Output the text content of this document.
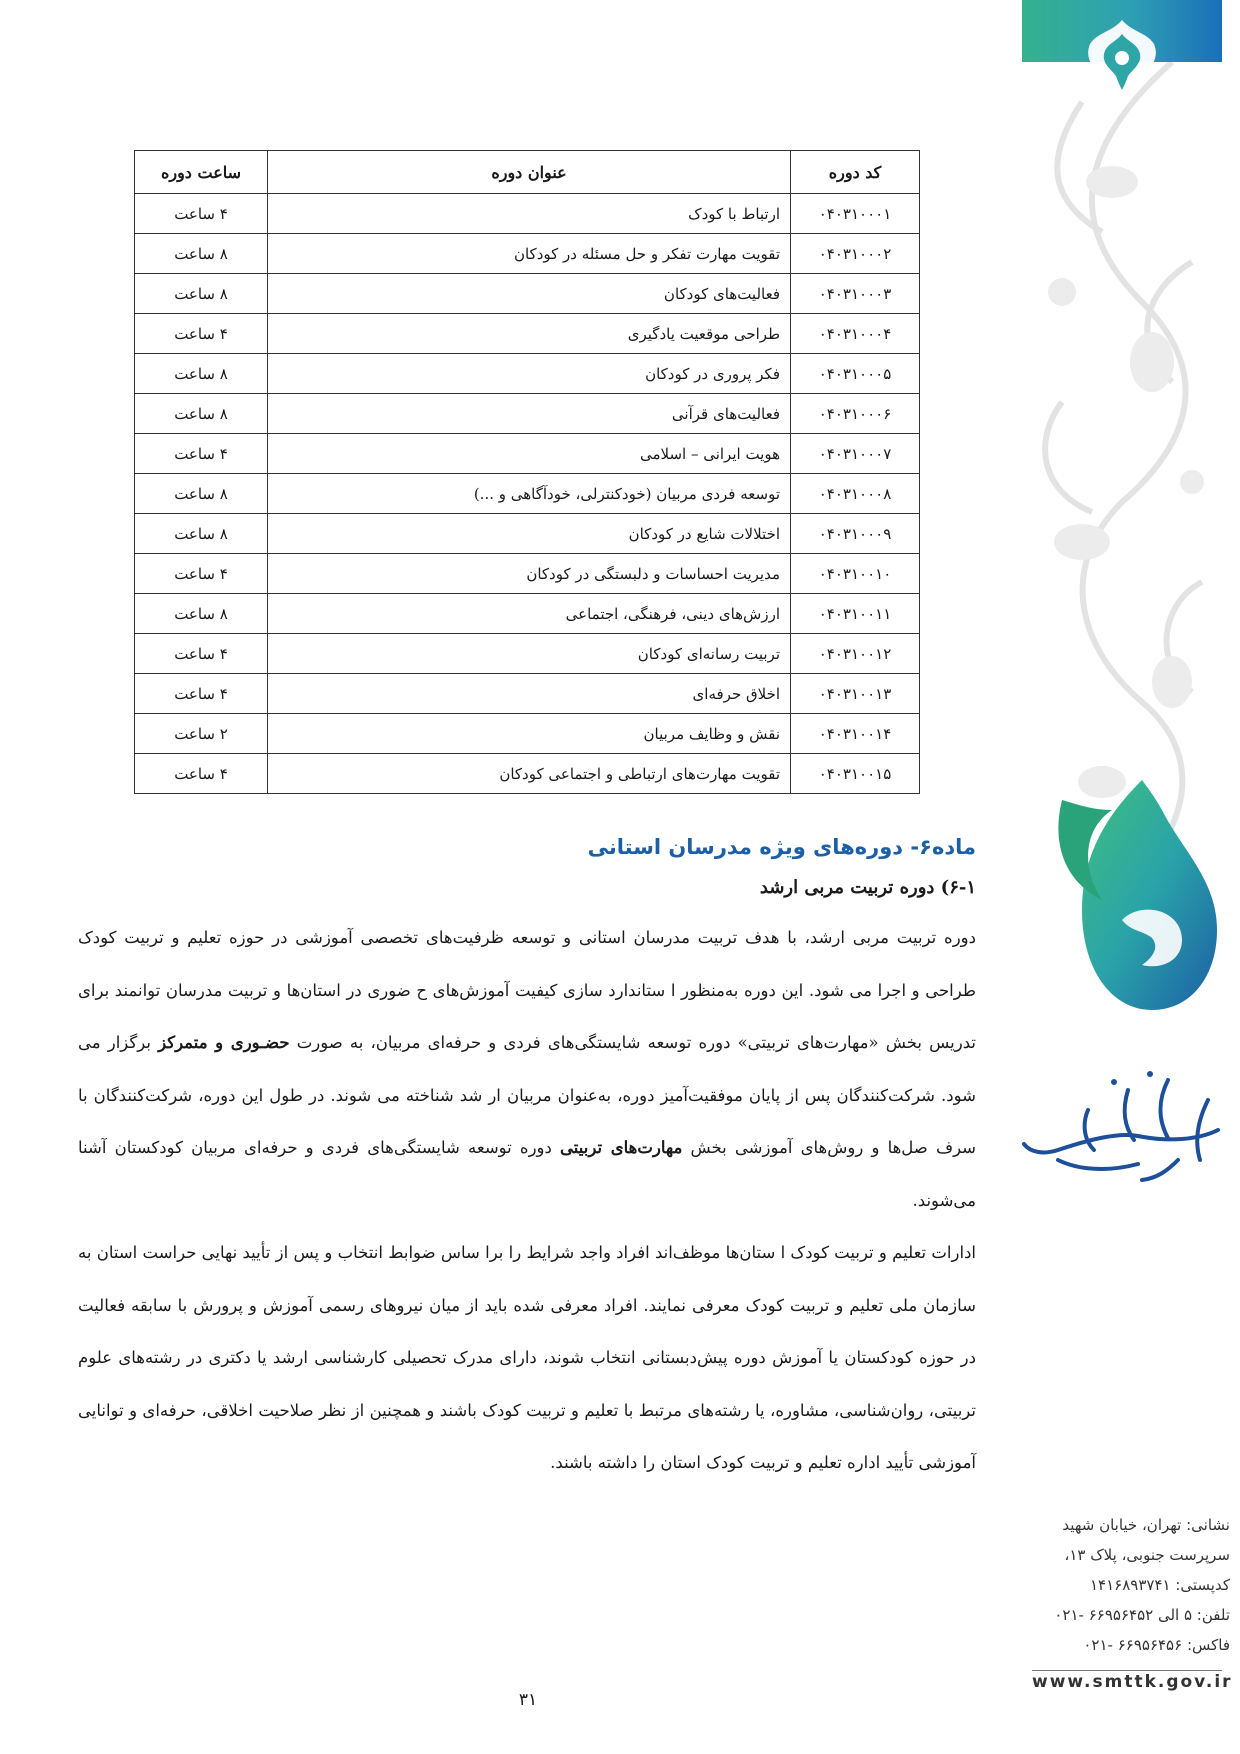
نشانی: تهران، خیابان شهید
سرپرست جنوبی، پلاک ۱۳،
کدپستی: ۱۴۱۶۸۹۳۷۴۱
تلفن: ۵ الی ۶۶۹۵۶۴۵۲ -۰۲۱
فاکس: ۶۶۹۵۶۴۵۶ -۰۲۱
www.smttk.gov.ir
کد دوره	عنوان دوره	ساعت دوره
۰۴۰۳۱۰۰۰۱	ارتباط با کودک	۴ ساعت
۰۴۰۳۱۰۰۰۲	تقویت مهارت تفکر و حل مسئله در کودکان	۸ ساعت
۰۴۰۳۱۰۰۰۳	فعالیت‌های کودکان	۸ ساعت
۰۴۰۳۱۰۰۰۴	طراحی موقعیت یادگیری	۴ ساعت
۰۴۰۳۱۰۰۰۵	فکر پروری در کودکان	۸ ساعت
۰۴۰۳۱۰۰۰۶	فعالیت‌های قرآنی	۸ ساعت
۰۴۰۳۱۰۰۰۷	هویت ایرانی – اسلامی	۴ ساعت
۰۴۰۳۱۰۰۰۸	توسعه فردی مربیان (خودکنترلی، خودآگاهی و ...)	۸ ساعت
۰۴۰۳۱۰۰۰۹	اختلالات شایع در کودکان	۸ ساعت
۰۴۰۳۱۰۰۱۰	مدیریت احساسات و دلبستگی در کودکان	۴ ساعت
۰۴۰۳۱۰۰۱۱	ارزش‌های دینی، فرهنگی، اجتماعی	۸ ساعت
۰۴۰۳۱۰۰۱۲	تربیت رسانه‌ای کودکان	۴ ساعت
۰۴۰۳۱۰۰۱۳	اخلاق حرفه‌ای	۴ ساعت
۰۴۰۳۱۰۰۱۴	نقش و وظایف مربیان	۲ ساعت
۰۴۰۳۱۰۰۱۵	تقویت مهارت‌های ارتباطی و اجتماعی کودکان	۴ ساعت
ماده۶- دوره‌های ویژه مدرسان استانی
۶-۱) دوره تربیت مربی ارشد

دوره تربیت مربی ارشد، با هدف تربیت مدرسان استانی و توسعه ظرفیت‌های تخصصی آموزشی در حوزه تعلیم و تربیت کودک طراحی و اجرا می شود. این دوره به‌منظور ا ستاندارد سازی کیفیت آموزش‌های ح ضوری در استان‌ها و تربیت مدرسان توانمند برای تدریس بخش «مهارت‌های تربیتی» دوره توسعه شایستگی‌های فردی و حرفه‌ای مربیان، به صورت حضـوری و متمرکز برگزار می شود. شرکت‌کنندگان پس از پایان موفقیت‌آمیز دوره، به‌عنوان مربیان ار شد شناخته می شوند. در طول این دوره، شرکت‌کنندگان با سرف صل‌ها و روش‌های آموزشی بخش مهارت‌های تربیتی دوره توسعه شایستگی‌های فردی و حرفه‌ای مربیان کودکستان آشنا می‌شوند.

ادارات تعلیم و تربیت کودک ا ستان‌ها موظف‌اند افراد واجد شرایط را برا ساس ضوابط انتخاب و پس از تأیید نهایی حراست استان به سازمان ملی تعلیم و تربیت کودک معرفی نمایند. افراد معرفی شده باید از میان نیروهای رسمی آموزش و پرورش با سابقه فعالیت در حوزه کودکستان یا آموزش دوره پیش‌دبستانی انتخاب شوند، دارای مدرک تحصیلی کارشناسی ارشد یا دکتری در رشته‌های علوم تربیتی، روان‌شناسی، مشاوره، یا رشته‌های مرتبط با تعلیم و تربیت کودک باشند و همچنین از نظر صلاحیت اخلاقی، حرفه‌ای و توانایی آموزشی تأیید اداره تعلیم و تربیت کودک استان را داشته باشند.

۳۱
